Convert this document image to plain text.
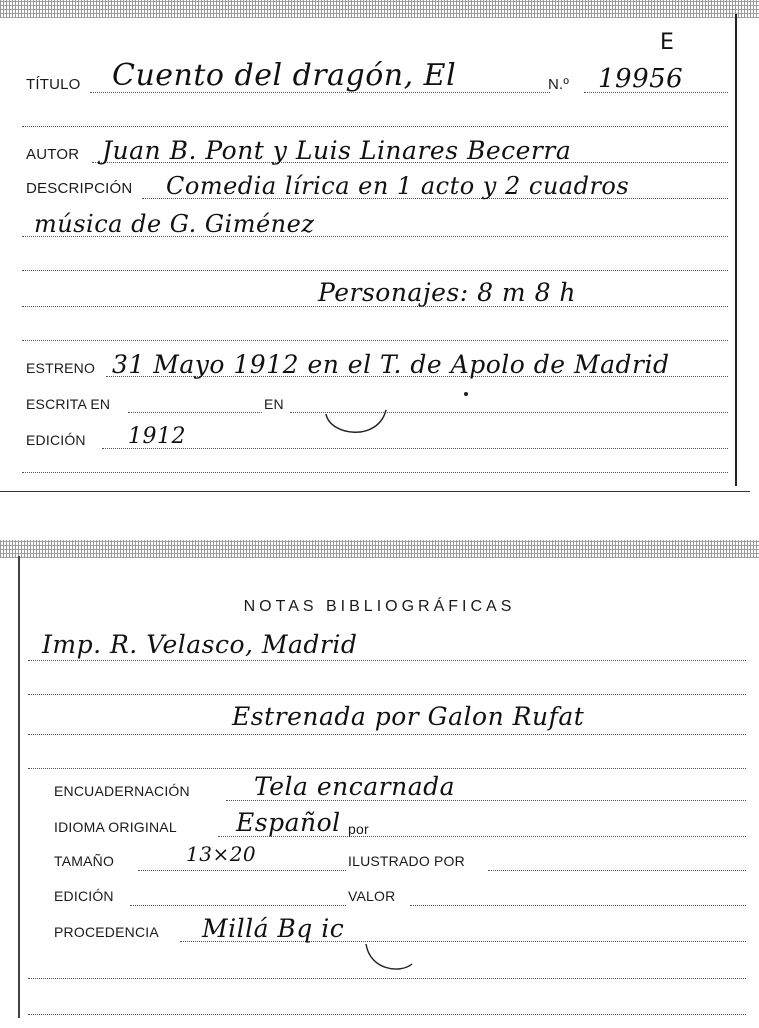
E
TÍTULO Cuento del dragón, El	N.º 19956
AUTOR Juan B. Pont y Luis Linares Becerra
DESCRIPCIÓN Comedia lírica en 1 acto y 2 cuadros
música de G. Giménez
Personajes: 8 m 8 h
ESTRENO 31 Mayo 1912 en el T. de Apolo de Madrid
ESCRITA EN	EN
EDICIÓN 1912
NOTAS BIBLIOGRÁFICAS
Imp. R. Velasco, Madrid
Estrenada por Galon Rufat
ENCUADERNACIÓN	Tela encarnada
IDIOMA ORIGINAL Español por
TAMAÑO	13×20	ILUSTRADO POR
EDICIÓN	VALOR
PROCEDENCIA Millá Bq ic
